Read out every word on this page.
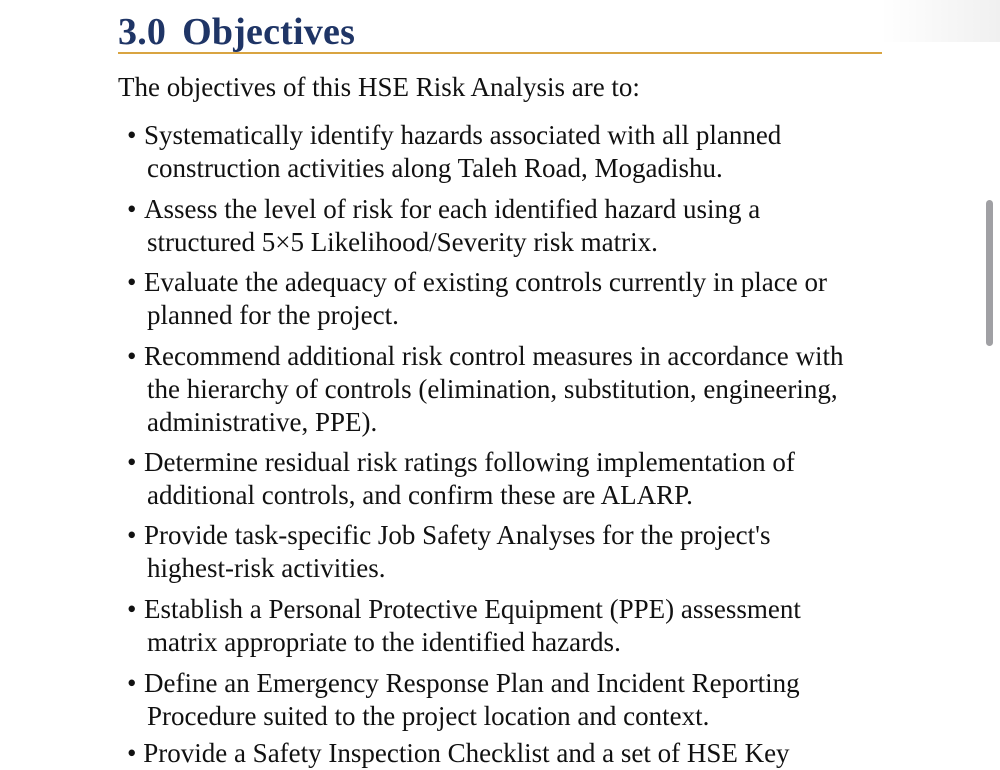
3.0 Objectives

The objectives of this HSE Risk Analysis are to:

• Systematically identify hazards associated with all planned
construction activities along Taleh Road, Mogadishu.
• Assess the level of risk for each identified hazard using a
structured 5×5 Likelihood/Severity risk matrix.
• Evaluate the adequacy of existing controls currently in place or
planned for the project.
• Recommend additional risk control measures in accordance with
the hierarchy of controls (elimination, substitution, engineering,
administrative, PPE).
• Determine residual risk ratings following implementation of
additional controls, and confirm these are ALARP.
• Provide task-specific Job Safety Analyses for the project's
highest-risk activities.
• Establish a Personal Protective Equipment (PPE) assessment
matrix appropriate to the identified hazards.
• Define an Emergency Response Plan and Incident Reporting
Procedure suited to the project location and context.
• Provide a Safety Inspection Checklist and a set of HSE Key
